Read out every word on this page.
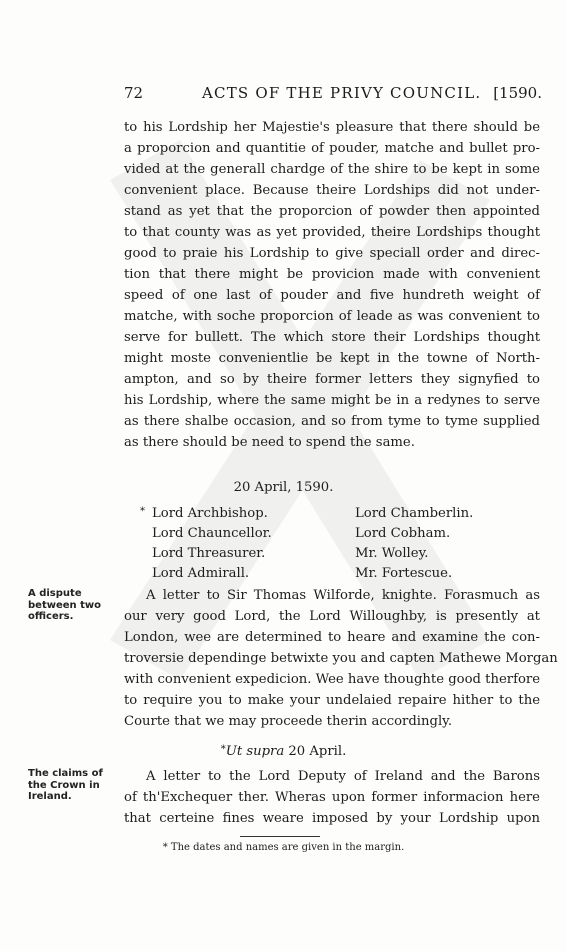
72	ACTS OF THE PRIVY COUNCIL. [1590.
to his Lordship her Majestie's pleasure that there should be
a proporcion and quantitie of pouder, matche and bullet pro-
vided at the generall chardge of the shire to be kept in some
convenient place. Because theire Lordships did not under-
stand as yet that the proporcion of powder then appointed
to that county was as yet provided, theire Lordships thought
good to praie his Lordship to give speciall order and direc-
tion that there might be provicion made with convenient
speed of one last of pouder and five hundreth weight of
matche, with soche proporcion of leade as was convenient to
serve for bullett. The which store their Lordships thought
might moste convenientlie be kept in the towne of North-
ampton, and so by theire former letters they signyfied to
his Lordship, where the same might be in a redynes to serve
as there shalbe occasion, and so from tyme to tyme supplied
as there should be need to spend the same.
20 April, 1590.
* Lord Archbishop.
Lord Chauncellor.
Lord Threasurer.
Lord Admirall.
Lord Chamberlin.
Lord Cobham.
Mr. Wolley.
Mr. Fortescue.
A dispute
between two
officers.
A letter to Sir Thomas Wilforde, knighte. Forasmuch as
our very good Lord, the Lord Willoughby, is presently at
London, wee are determined to heare and examine the con-
troversie dependinge betwixte you and capten Mathewe Morgan
with convenient expedicion. Wee have thoughte good therfore
to require you to make your undelaied repaire hither to the
Courte that we may proceede therin accordingly.
*Ut supra 20 April.
The claims of
the Crown in
Ireland.
A letter to the Lord Deputy of Ireland and the Barons
of th'Exchequer ther. Wheras upon former informacion here
that certeine fines weare imposed by your Lordship upon
* The dates and names are given in the margin.
